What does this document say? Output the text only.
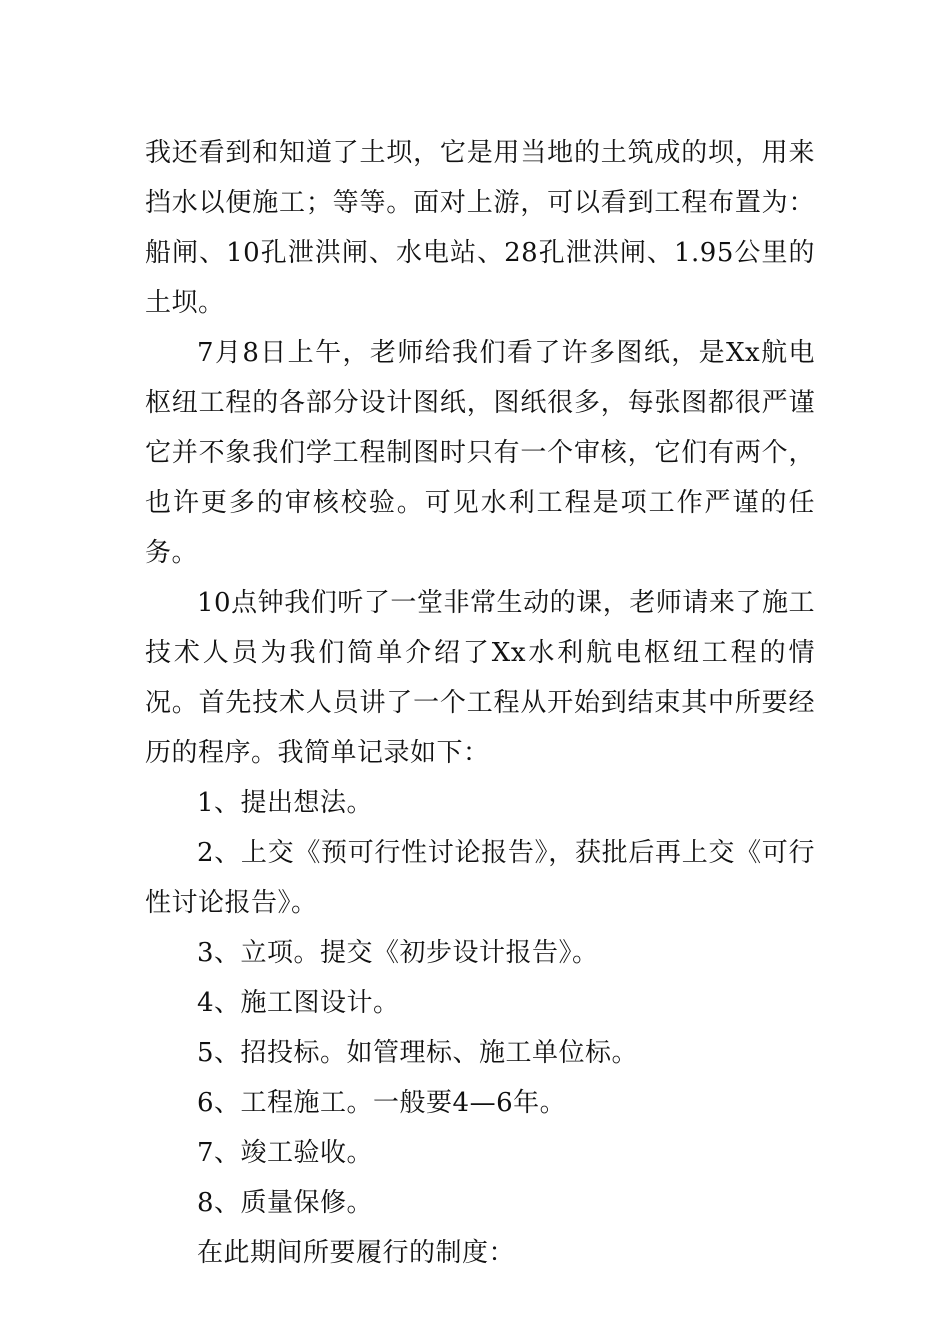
我还看到和知道了土坝，它是用当地的土筑成的坝，用来挡水以便施工；等等。面对上游，可以看到工程布置为：船闸、10孔泄洪闸、水电站、28孔泄洪闸、1.95公里的土坝。

7月8日上午，老师给我们看了许多图纸，是Xx航电枢纽工程的各部分设计图纸，图纸很多，每张图都很严谨它并不象我们学工程制图时只有一个审核，它们有两个，也许更多的审核校验。可见水利工程是项工作严谨的任务。

10点钟我们听了一堂非常生动的课，老师请来了施工技术人员为我们简单介绍了Xx水利航电枢纽工程的情况。首先技术人员讲了一个工程从开始到结束其中所要经历的程序。我简单记录如下：

1、提出想法。

2、上交《预可行性讨论报告》，获批后再上交《可行性讨论报告》。

3、立项。提交《初步设计报告》。

4、施工图设计。

5、招投标。如管理标、施工单位标。

6、工程施工。一般要4—6年。

7、竣工验收。

8、质量保修。

在此期间所要履行的制度：
